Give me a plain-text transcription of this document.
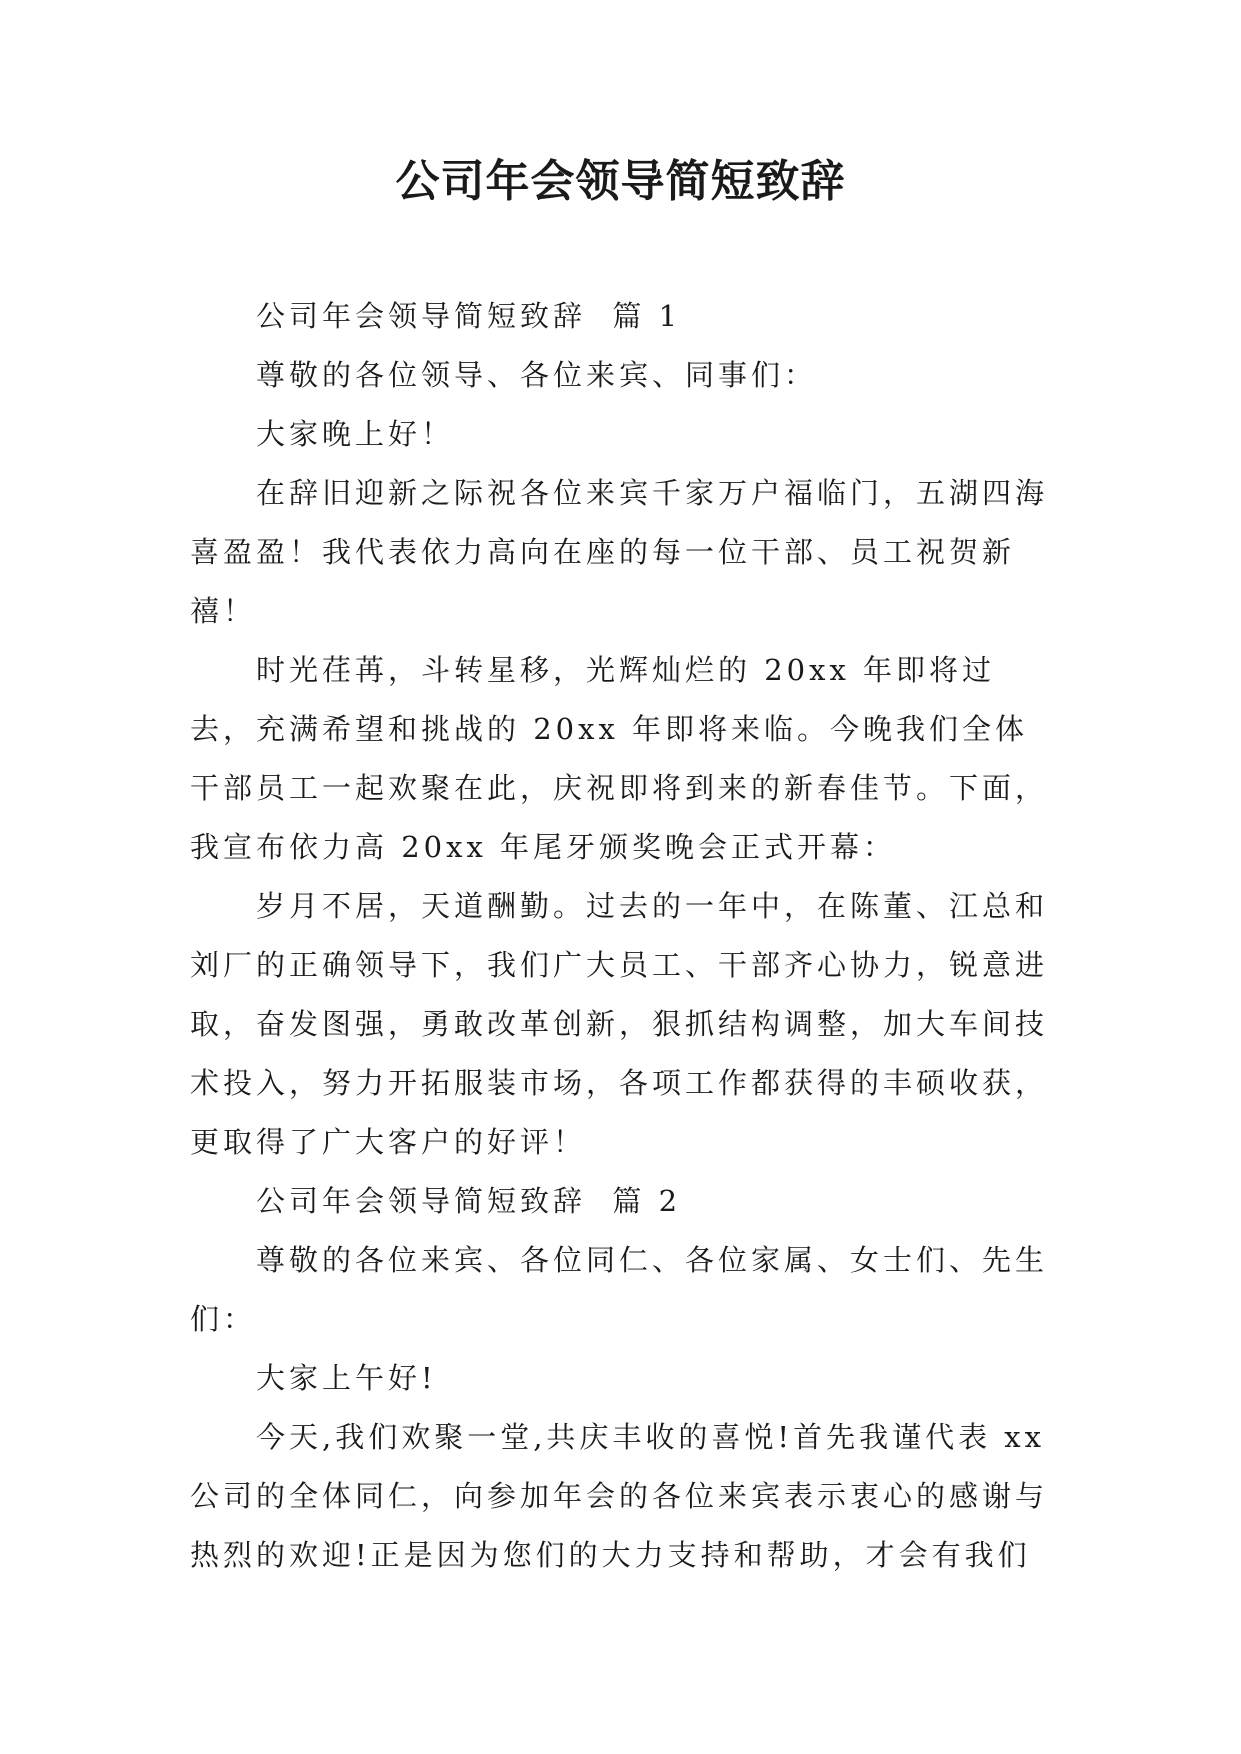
公司年会领导简短致辞

公司年会领导简短致辞  篇 1

尊敬的各位领导、各位来宾、同事们：

大家晚上好！

在辞旧迎新之际祝各位来宾千家万户福临门，五湖四海喜盈盈！我代表依力高向在座的每一位干部、员工祝贺新禧！

时光荏苒，斗转星移，光辉灿烂的 20xx 年即将过去，充满希望和挑战的 20xx 年即将来临。今晚我们全体干部员工一起欢聚在此，庆祝即将到来的新春佳节。下面，我宣布依力高 20xx 年尾牙颁奖晚会正式开幕：

岁月不居，天道酬勤。过去的一年中，在陈董、江总和刘厂的正确领导下，我们广大员工、干部齐心协力，锐意进取，奋发图强，勇敢改革创新，狠抓结构调整，加大车间技术投入，努力开拓服装市场，各项工作都获得的丰硕收获，更取得了广大客户的好评！

公司年会领导简短致辞  篇 2

尊敬的各位来宾、各位同仁、各位家属、女士们、先生们：

大家上午好!

今天,我们欢聚一堂,共庆丰收的喜悦!首先我谨代表 xx 公司的全体同仁，向参加年会的各位来宾表示衷心的感谢与热烈的欢迎!正是因为您们的大力支持和帮助，才会有我们
